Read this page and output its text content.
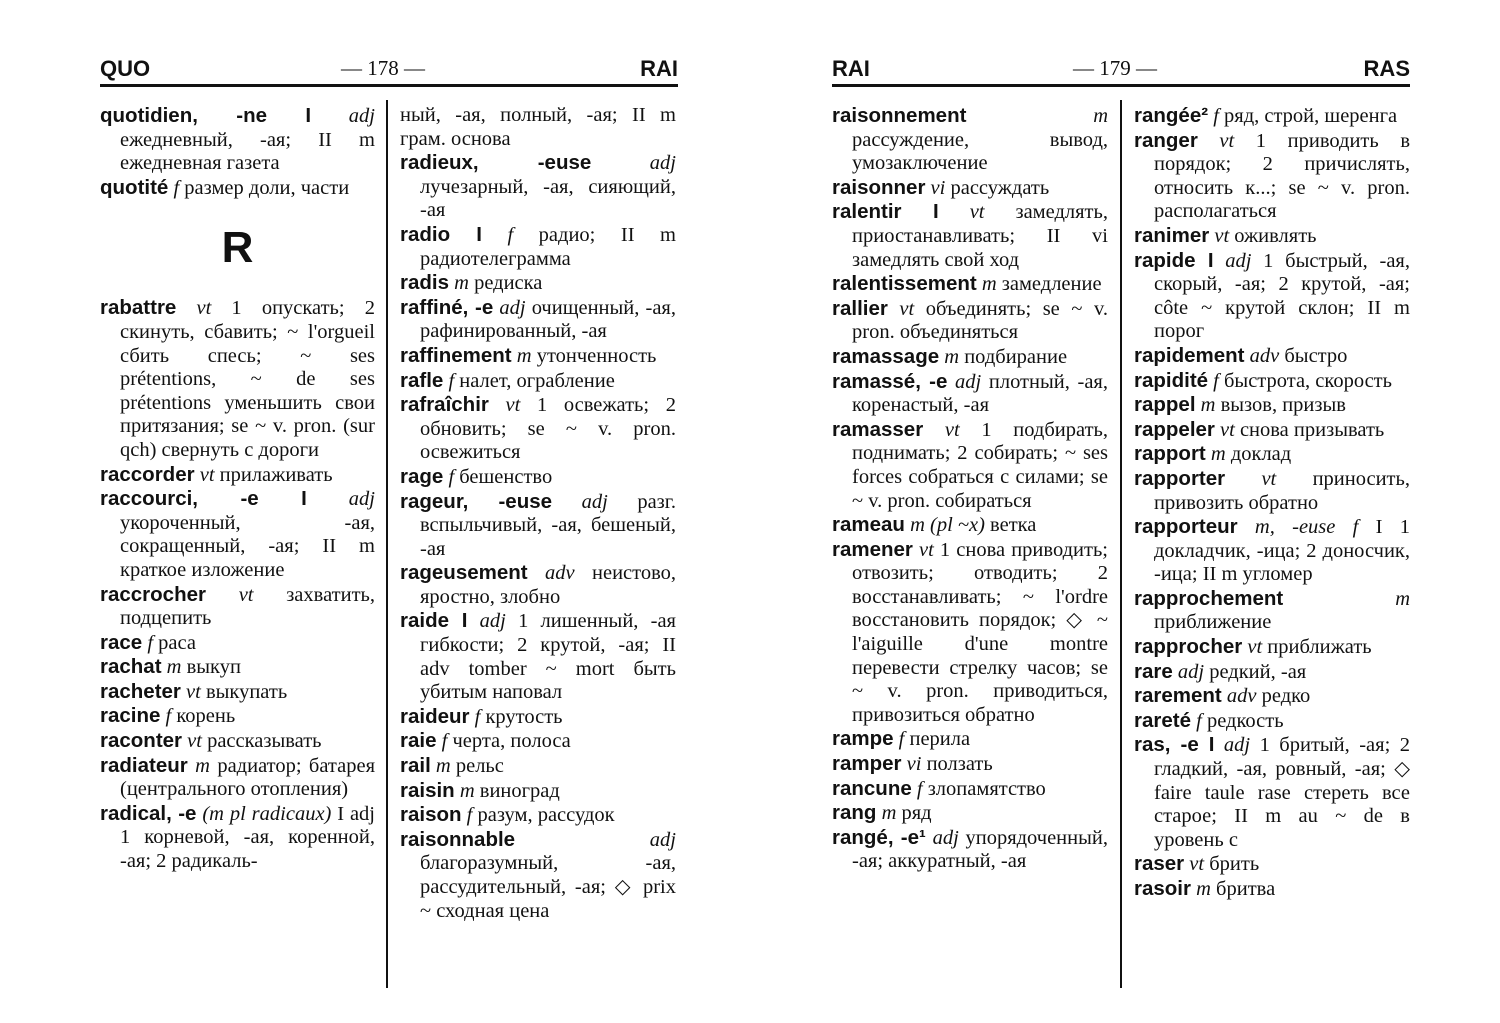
QUO	— 178 —	RAI

quotidien, -ne I adj ежедневный, -ая; II m ежедневная газета

quotité f размер доли, части

R

rabattre vt 1 опускать; 2 скинуть, сбавить; ~ l'orgueil сбить спесь; ~ ses prétentions, ~ de ses prétentions уменьшить свои притязания; se ~ v. pron. (sur qch) свернуть с дороги

raccorder vt прилаживать

raccourci, -e I adj укороченный, -ая, сокращенный, -ая; II m краткое изложение

raccrocher vt захватить, подцепить

race f раса

rachat m выкуп

racheter vt выкупать

racine f корень

raconter vt рассказывать

radiateur m радиатор; батарея (центрального отопления)

radical, -e (m pl radicaux) I adj 1 корневой, -ая, коренной, -ая; 2 радикаль-

ный, -ая, полный, -ая; II m грам. основа

radieux, -euse adj лучезарный, -ая, сияющий, -ая

radio I f радио; II m радиотелеграмма

radis m редиска

raffiné, -e adj очищенный, -ая, рафинированный, -ая

raffinement m утонченность

rafle f налет, ограбление

rafraîchir vt 1 освежать; 2 обновить; se ~ v. pron. освежиться

rage f бешенство

rageur, -euse adj разг. вспыльчивый, -ая, бешеный, -ая

rageusement adv неистово, яростно, злобно

raide I adj 1 лишенный, -ая гибкости; 2 крутой, -ая; II adv tomber ~ mort быть убитым наповал

raideur f крутость

raie f черта, полоса

rail m рельс

raisin m виноград

raison f разум, рассудок

raisonnable adj благоразумный, -ая, рассудительный, -ая; ◇ prix ~ сходная цена

RAI	— 179 —	RAS

raisonnement m рассуждение, вывод, умозаключение

raisonner vi рассуждать

ralentir I vt замедлять, приостанавливать; II vi замедлять свой ход

ralentissement m замедление

rallier vt объединять; se ~ v. pron. объединяться

ramassage m подбирание

ramassé, -e adj плотный, -ая, коренастый, -ая

ramasser vt 1 подбирать, поднимать; 2 собирать; ~ ses forces собраться с силами; se ~ v. pron. собираться

rameau m (pl ~x) ветка

ramener vt 1 снова приводить; отвозить; отводить; 2 восстанавливать; ~ l'ordre восстановить порядок; ◇ ~ l'aiguille d'une montre перевести стрелку часов; se ~ v. pron. приводиться, привозиться обратно

rampe f перила

ramper vi ползать

rancune f злопамятство

rang m ряд

rangé, -e¹ adj упорядоченный, -ая; аккуратный, -ая

rangée² f ряд, строй, шеренга

ranger vt 1 приводить в порядок; 2 причислять, относить к...; se ~ v. pron. располагаться

ranimer vt оживлять

rapide I adj 1 быстрый, -ая, скорый, -ая; 2 крутой, -ая; côte ~ крутой склон; II m порог

rapidement adv быстро

rapidité f быстрота, скорость

rappel m вызов, призыв

rappeler vt снова призывать

rapport m доклад

rapporter vt приносить, привозить обратно

rapporteur m, -euse f I 1 докладчик, -ица; 2 доносчик, -ица; II m угломер

rapprochement m приближение

rapprocher vt приближать

rare adj редкий, -ая

rarement adv редко

rareté f редкость

ras, -e I adj 1 бритый, -ая; 2 гладкий, -ая, ровный, -ая; ◇ faire taule rase стереть все старое; II m au ~ de в уровень с

raser vt брить

rasoir m бритва
